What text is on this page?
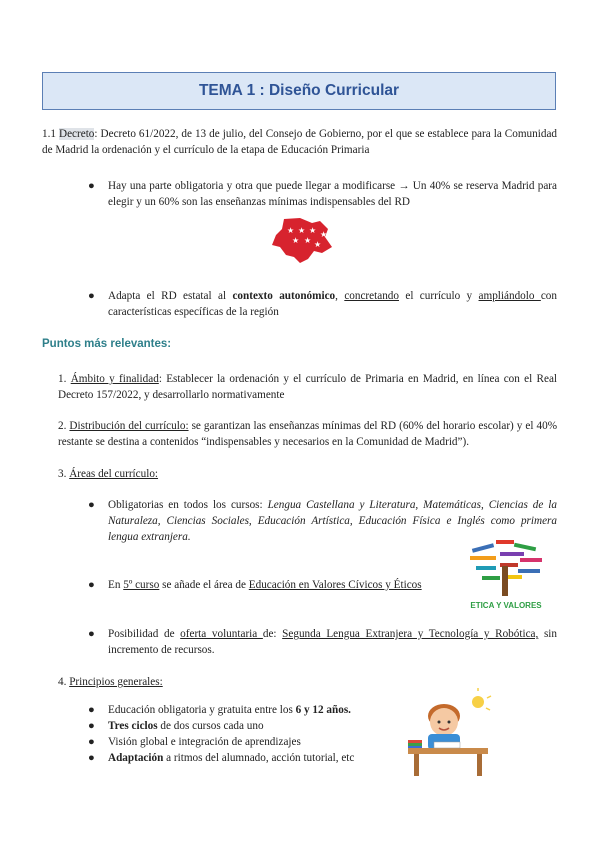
TEMA 1 : Diseño Curricular
1.1 Decreto: Decreto 61/2022, de 13 de julio, del Consejo de Gobierno, por el que se establece para la Comunidad de Madrid la ordenación y el currículo de la etapa de Educación Primaria
● Hay una parte obligatoria y otra que puede llegar a modificarse → Un 40% se reserva Madrid para elegir y un 60% son las enseñanzas mínimas indispensables del RD
★ ★ ★ ★
★ ★ ★
● Adapta el RD estatal al contexto autonómico, concretando el currículo y ampliándolo con características específicas de la región
Puntos más relevantes:
1. Ámbito y finalidad: Establecer la ordenación y el currículo de Primaria en Madrid, en línea con el Real Decreto 157/2022, y desarrollarlo normativamente
2. Distribución del currículo: se garantizan las enseñanzas mínimas del RD (60% del horario escolar) y el 40% restante se destina a contenidos “indispensables y necesarios en la Comunidad de Madrid”).
3. Áreas del currículo:
● Obligatorias en todos los cursos: Lengua Castellana y Literatura, Matemáticas, Ciencias de la Naturaleza, Ciencias Sociales, Educación Artística, Educación Física e Inglés como primera lengua extranjera.
● En 5º curso se añade el área de Educación en Valores Cívicos y Éticos
ETICA Y VALORES
● Posibilidad de oferta voluntaria de: Segunda Lengua Extranjera y Tecnología y Robótica, sin incremento de recursos.
4. Principios generales:
● Educación obligatoria y gratuita entre los 6 y 12 años.
● Tres ciclos de dos cursos cada uno
● Visión global e integración de aprendizajes
● Adaptación a ritmos del alumnado, acción tutorial, etc
